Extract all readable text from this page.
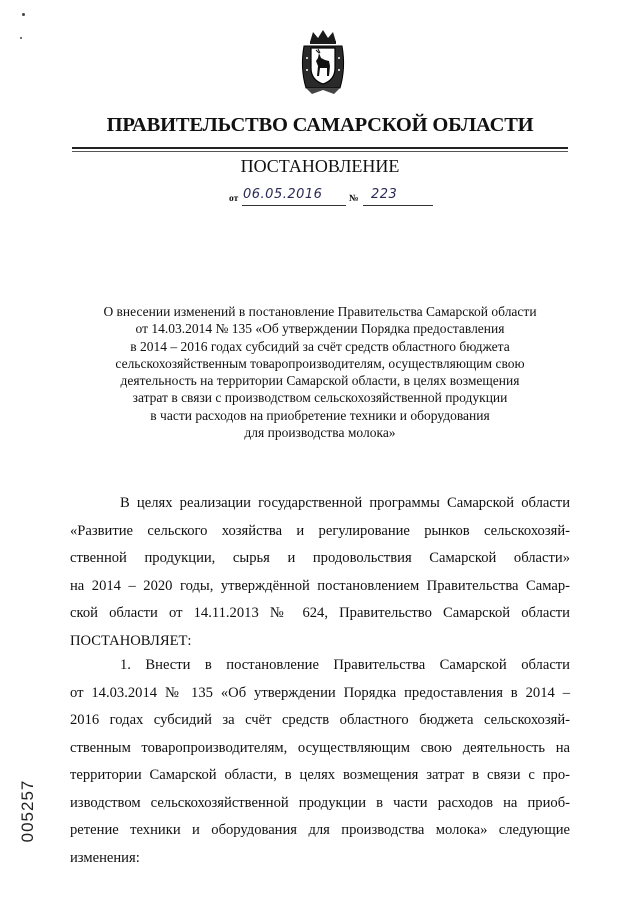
ПРАВИТЕЛЬСТВО САМАРСКОЙ ОБЛАСТИ
ПОСТАНОВЛЕНИЕ
от 06.05.2016	№ 223
О внесении изменений в постановление Правительства Самарской области
от 14.03.2014 № 135 «Об утверждении Порядка предоставления
в 2014 – 2016 годах субсидий за счёт средств областного бюджета
сельскохозяйственным товаропроизводителям, осуществляющим свою
деятельность на территории Самарской области, в целях возмещения
затрат в связи с производством сельскохозяйственной продукции
в части расходов на приобретение техники и оборудования
для производства молока»
В целях реализации государственной программы Самарской области
«Развитие сельского хозяйства и регулирование рынков сельскохозяй-
ственной продукции, сырья и продовольствия Самарской области»
на 2014 – 2020 годы, утверждённой постановлением Правительства Самар-
ской области от 14.11.2013 № 624, Правительство Самарской области
ПОСТАНОВЛЯЕТ:
1. Внести в постановление Правительства Самарской области
от 14.03.2014 № 135 «Об утверждении Порядка предоставления в 2014 –
2016 годах субсидий за счёт средств областного бюджета сельскохозяй-
ственным товаропроизводителям, осуществляющим свою деятельность на
территории Самарской области, в целях возмещения затрат в связи с про-
изводством сельскохозяйственной продукции в части расходов на приоб-
ретение техники и оборудования для производства молока» следующие
изменения:
005257
